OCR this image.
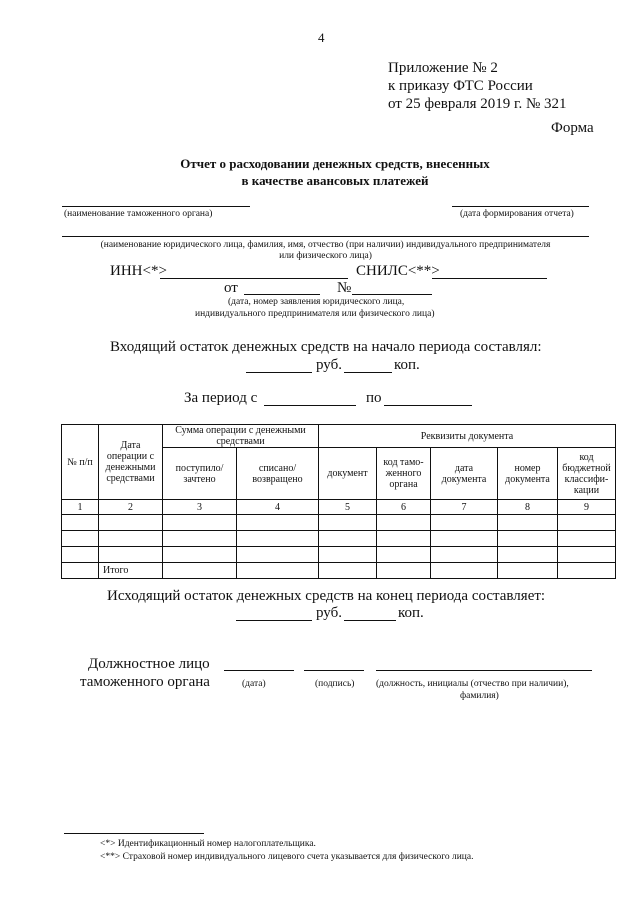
4
Приложение № 2
к приказу ФТС России
от 25 февраля 2019 г. № 321
Форма
Отчет о расходовании денежных средств, внесенных
в качестве авансовых платежей
(наименование таможенного органа)	(дата формирования отчета)
(наименование юридического лица, фамилия, имя, отчество (при наличии) индивидуального предпринимателя
или физического лица)
ИНН<*>	СНИЛС<**>
от	№
(дата, номер заявления юридического лица,
индивидуального предпринимателя или физического лица)
Входящий остаток денежных средств на начало периода составлял:
руб.	коп.
За период с	по
№ п/п	Дата операции с денежными средствами	Сумма операции с денежными средствами		Реквизиты документа				
		поступило/ зачтено	списано/ возвращено	документ	код тамо- женного органа	дата документа	номер документа	код бюджетной классифи- кации
1	2	3	4	5	6	7	8	9

	Итого							
Исходящий остаток денежных средств на конец периода составляет:
руб.	коп.
Должностное лицо
таможенного органа	(дата)	(подпись) (должность, инициалы (отчество при наличии),
фамилия)
<*> Идентификационный номер налогоплательщика.
<**> Страховой номер индивидуального лицевого счета указывается для физического лица.
